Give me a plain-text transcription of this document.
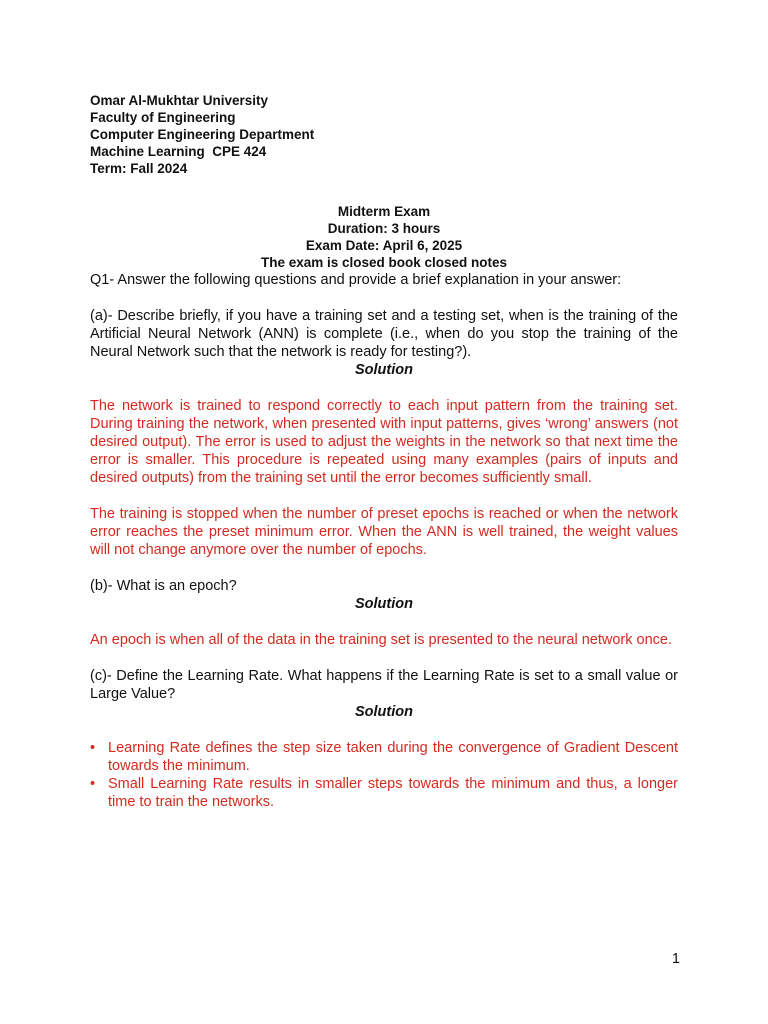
Omar Al-Mukhtar University

Faculty of Engineering

Computer Engineering Department

Machine Learning  CPE 424

Term: Fall 2024

Midterm Exam
Duration: 3 hours
Exam Date: April 6, 2025
The exam is closed book closed notes

Q1- Answer the following questions and provide a brief explanation in your answer:

(a)- Describe briefly, if you have a training set and a testing set, when is the training of the Artificial Neural Network (ANN) is complete (i.e., when do you stop the training of the Neural Network such that the network is ready for testing?).

Solution

The network is trained to respond correctly to each input pattern from the training set. During training the network, when presented with input patterns, gives ‘wrong’ answers (not desired output). The error is used to adjust the weights in the network so that next time the error is smaller. This procedure is repeated using many examples (pairs of inputs and desired outputs) from the training set until the error becomes sufficiently small.

The training is stopped when the number of preset epochs is reached or when the network error reaches the preset minimum error. When the ANN is well trained, the weight values will not change anymore over the number of epochs.

(b)- What is an epoch?

Solution

An epoch is when all of the data in the training set is presented to the neural network once.

(c)- Define the Learning Rate. What happens if the Learning Rate is set to a small value or Large Value?

Solution

• Learning Rate defines the step size taken during the convergence of Gradient Descent towards the minimum.
• Small Learning Rate results in smaller steps towards the minimum and thus, a longer time to train the networks.
1
